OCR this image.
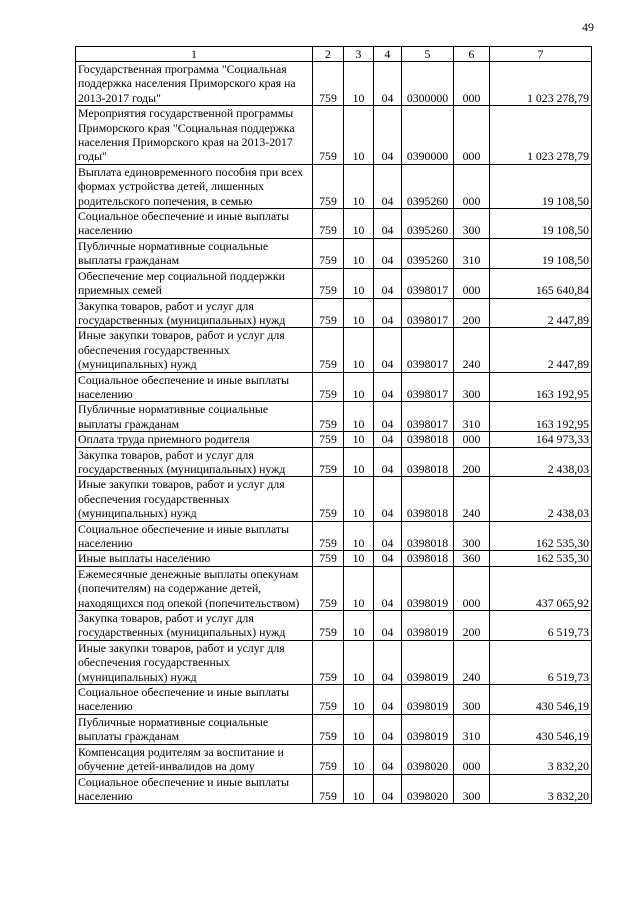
49
1	2	3	4	5	6	7
Государственная программа "Социальная поддержка населения Приморского края на 2013-2017 годы"	759	10	04	0300000	000	1 023 278,79
Мероприятия государственной программы Приморского края "Социальная поддержка населения Приморского края на 2013-2017 годы"	759	10	04	0390000	000	1 023 278,79
Выплата единовременного пособия при всех формах устройства детей, лишенных родительского попечения, в семью	759	10	04	0395260	000	19 108,50
Социальное обеспечение и иные выплаты населению	759	10	04	0395260	300	19 108,50
Публичные нормативные социальные выплаты гражданам	759	10	04	0395260	310	19 108,50
Обеспечение мер социальной поддержки приемных семей	759	10	04	0398017	000	165 640,84
Закупка товаров, работ и услуг для государственных (муниципальных) нужд	759	10	04	0398017	200	2 447,89
Иные закупки товаров, работ и услуг для обеспечения государственных (муниципальных) нужд	759	10	04	0398017	240	2 447,89
Социальное обеспечение и иные выплаты населению	759	10	04	0398017	300	163 192,95
Публичные нормативные социальные выплаты гражданам	759	10	04	0398017	310	163 192,95
Оплата труда приемного родителя	759	10	04	0398018	000	164 973,33
Закупка товаров, работ и услуг для государственных (муниципальных) нужд	759	10	04	0398018	200	2 438,03
Иные закупки товаров, работ и услуг для обеспечения государственных (муниципальных) нужд	759	10	04	0398018	240	2 438,03
Социальное обеспечение и иные выплаты населению	759	10	04	0398018	300	162 535,30
Иные выплаты населению	759	10	04	0398018	360	162 535,30
Ежемесячные денежные выплаты опекунам (попечителям) на содержание детей, находящихся под опекой (попечительством)	759	10	04	0398019	000	437 065,92
Закупка товаров, работ и услуг для государственных (муниципальных) нужд	759	10	04	0398019	200	6 519,73
Иные закупки товаров, работ и услуг для обеспечения государственных (муниципальных) нужд	759	10	04	0398019	240	6 519,73
Социальное обеспечение и иные выплаты населению	759	10	04	0398019	300	430 546,19
Публичные нормативные социальные выплаты гражданам	759	10	04	0398019	310	430 546,19
Компенсация родителям за воспитание и обучение детей-инвалидов на дому	759	10	04	0398020	000	3 832,20
Социальное обеспечение и иные выплаты населению	759	10	04	0398020	300	3 832,20
